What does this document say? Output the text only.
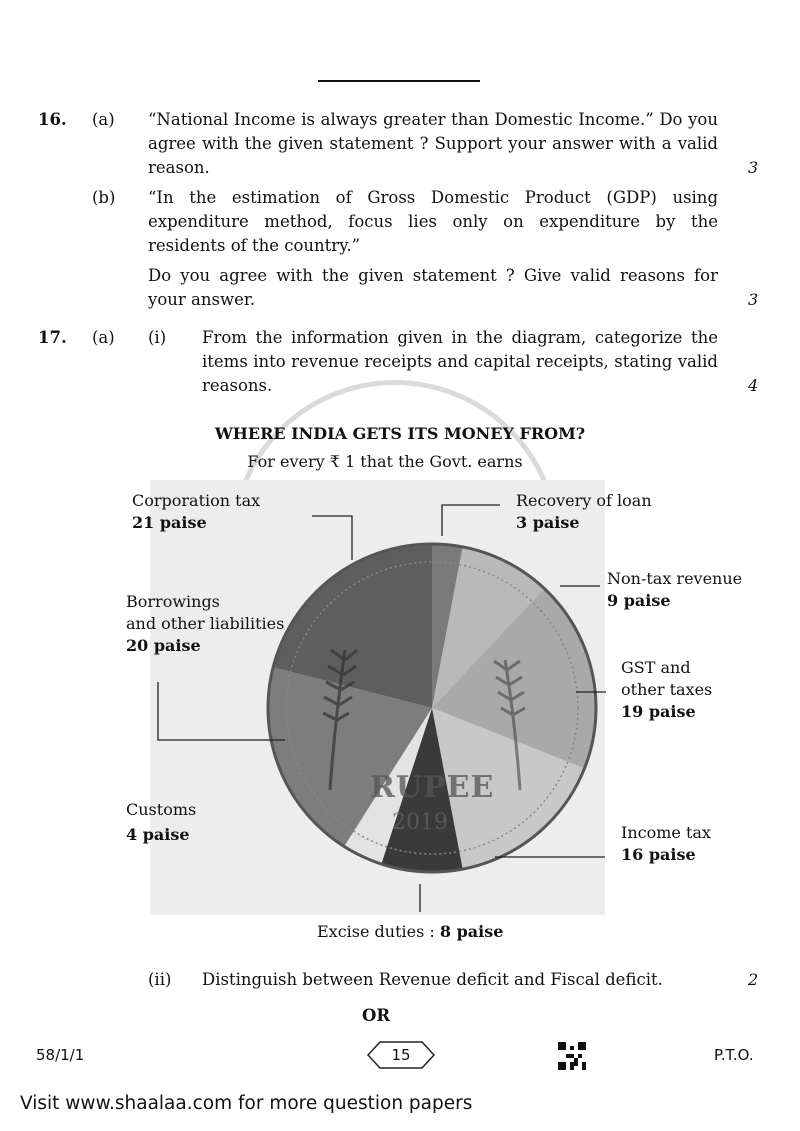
16. (a) “National Income is always greater than Domestic Income.” Do you agree with the given statement ? Support your answer with a valid reason.	3
(b) “In the estimation of Gross Domestic Product (GDP) using expenditure method, focus lies only on expenditure by the residents of the country.”
Do you agree with the given statement ? Give valid reasons for your answer.	3
17. (a) (i) From the information given in the diagram, categorize the items into revenue receipts and capital receipts, stating valid reasons.	4
WHERE INDIA GETS ITS MONEY FROM?
For every ₹ 1 that the Govt. earns
RUPEE
2019
Corporation tax
21 paise
Recovery of loan
3 paise
Non-tax revenue
9 paise
Borrowings
and other liabilities
20 paise
GST and
other taxes
19 paise
Customs
4 paise	Income tax
16 paise
Excise duties : 8 paise
(ii) Distinguish between Revenue deficit and Fiscal deficit.	2
OR
58/1/1	15	P.T.O.
Visit www.shaalaa.com for more question papers
